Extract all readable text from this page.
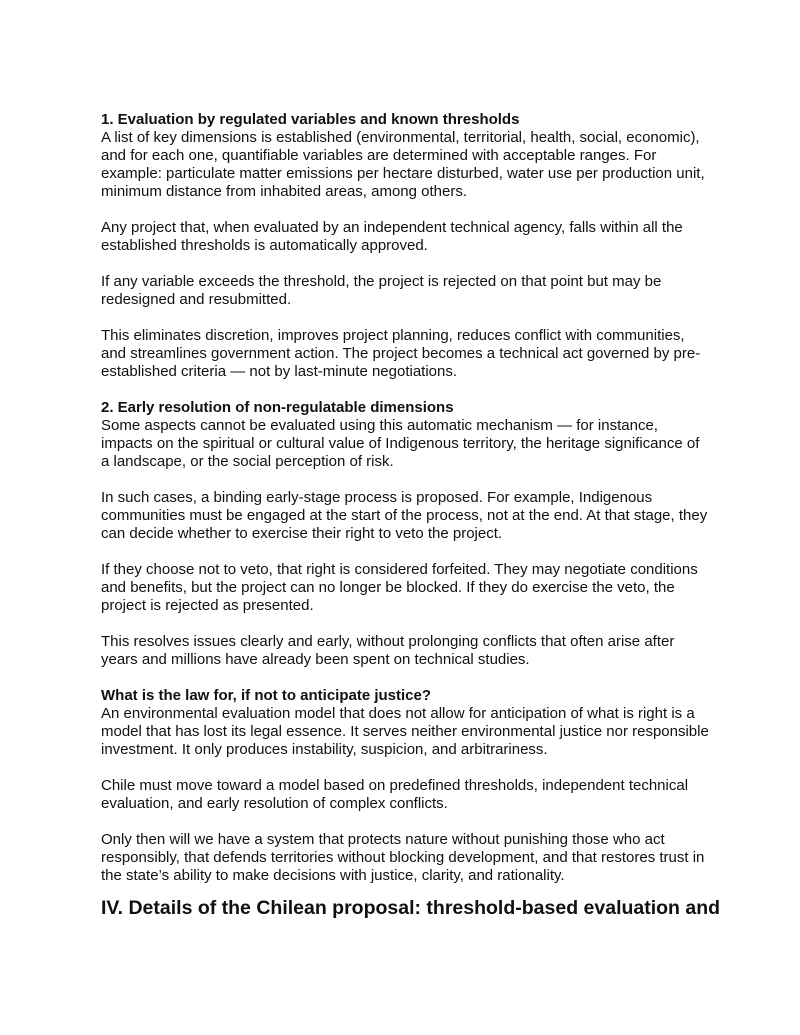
1. Evaluation by regulated variables and known thresholds

A list of key dimensions is established (environmental, territorial, health, social, economic), and for each one, quantifiable variables are determined with acceptable ranges. For example: particulate matter emissions per hectare disturbed, water use per production unit, minimum distance from inhabited areas, among others.

Any project that, when evaluated by an independent technical agency, falls within all the established thresholds is automatically approved.

If any variable exceeds the threshold, the project is rejected on that point but may be redesigned and resubmitted.

This eliminates discretion, improves project planning, reduces conflict with communities, and streamlines government action. The project becomes a technical act governed by pre-established criteria — not by last-minute negotiations.

2. Early resolution of non-regulatable dimensions

Some aspects cannot be evaluated using this automatic mechanism — for instance, impacts on the spiritual or cultural value of Indigenous territory, the heritage significance of a landscape, or the social perception of risk.

In such cases, a binding early-stage process is proposed. For example, Indigenous communities must be engaged at the start of the process, not at the end. At that stage, they can decide whether to exercise their right to veto the project.

If they choose not to veto, that right is considered forfeited. They may negotiate conditions and benefits, but the project can no longer be blocked. If they do exercise the veto, the project is rejected as presented.

This resolves issues clearly and early, without prolonging conflicts that often arise after years and millions have already been spent on technical studies.

What is the law for, if not to anticipate justice?

An environmental evaluation model that does not allow for anticipation of what is right is a model that has lost its legal essence. It serves neither environmental justice nor responsible investment. It only produces instability, suspicion, and arbitrariness.

Chile must move toward a model based on predefined thresholds, independent technical evaluation, and early resolution of complex conflicts.

Only then will we have a system that protects nature without punishing those who act responsibly, that defends territories without blocking development, and that restores trust in the state’s ability to make decisions with justice, clarity, and rationality.

IV. Details of the Chilean proposal: threshold-based evaluation and
